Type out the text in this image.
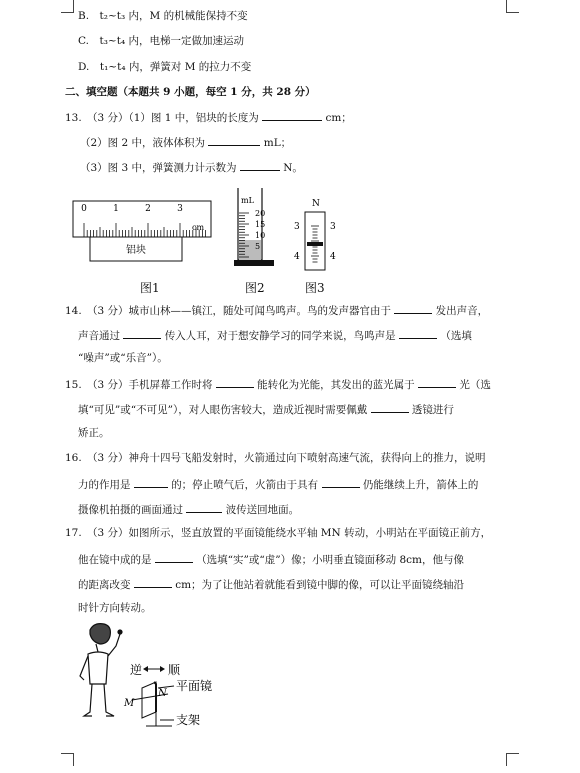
B.　t₂~t₃ 内，M 的机械能保持不变
C.　t₃~t₄ 内，电梯一定做加速运动
D.　t₁~t₄ 内，弹簧对 M 的拉力不变
二、填空题（本题共 9 小题，每空 1 分，共 28 分）
13.　（3 分）（1）图 1 中，铝块的长度为	cm；
（2）图 2 中，液体体积为	mL；
（3）图 3 中，弹簧测力计示数为	N。
0	1	2	3
cm
铝块
图1
mL
20
15
10
5
图2
N
3
4
3
4
图3
14.　（3 分）城市山林——镇江，随处可闻鸟鸣声。鸟的发声器官由于	发出声音，
声音通过	传入人耳，对于想安静学习的同学来说，鸟鸣声是	（选填
“噪声”或“乐音”）。
15.　（3 分）手机屏幕工作时将	能转化为光能，其发出的蓝光属于	光（选
填“可见”或“不可见”），对人眼伤害较大，造成近视时需要佩戴	透镜进行
矫正。
16.　（3 分）神舟十四号飞船发射时，火箭通过向下喷射高速气流，获得向上的推力，说明
力的作用是	的；停止喷气后，火箭由于具有	仍能继续上升，箭体上的
摄像机拍摄的画面通过	波传送回地面。
17.　（3 分）如图所示，竖直放置的平面镜能绕水平轴 MN 转动，小明站在平面镜正前方，
他在镜中成的是	（选填“实”或“虚”）像；小明垂直镜面移动 8cm，他与像
的距离改变	cm；为了让他站着就能看到镜中脚的像，可以让平面镜绕轴沿
时针方向转动。
逆 顺
M
N
平面镜
支架
